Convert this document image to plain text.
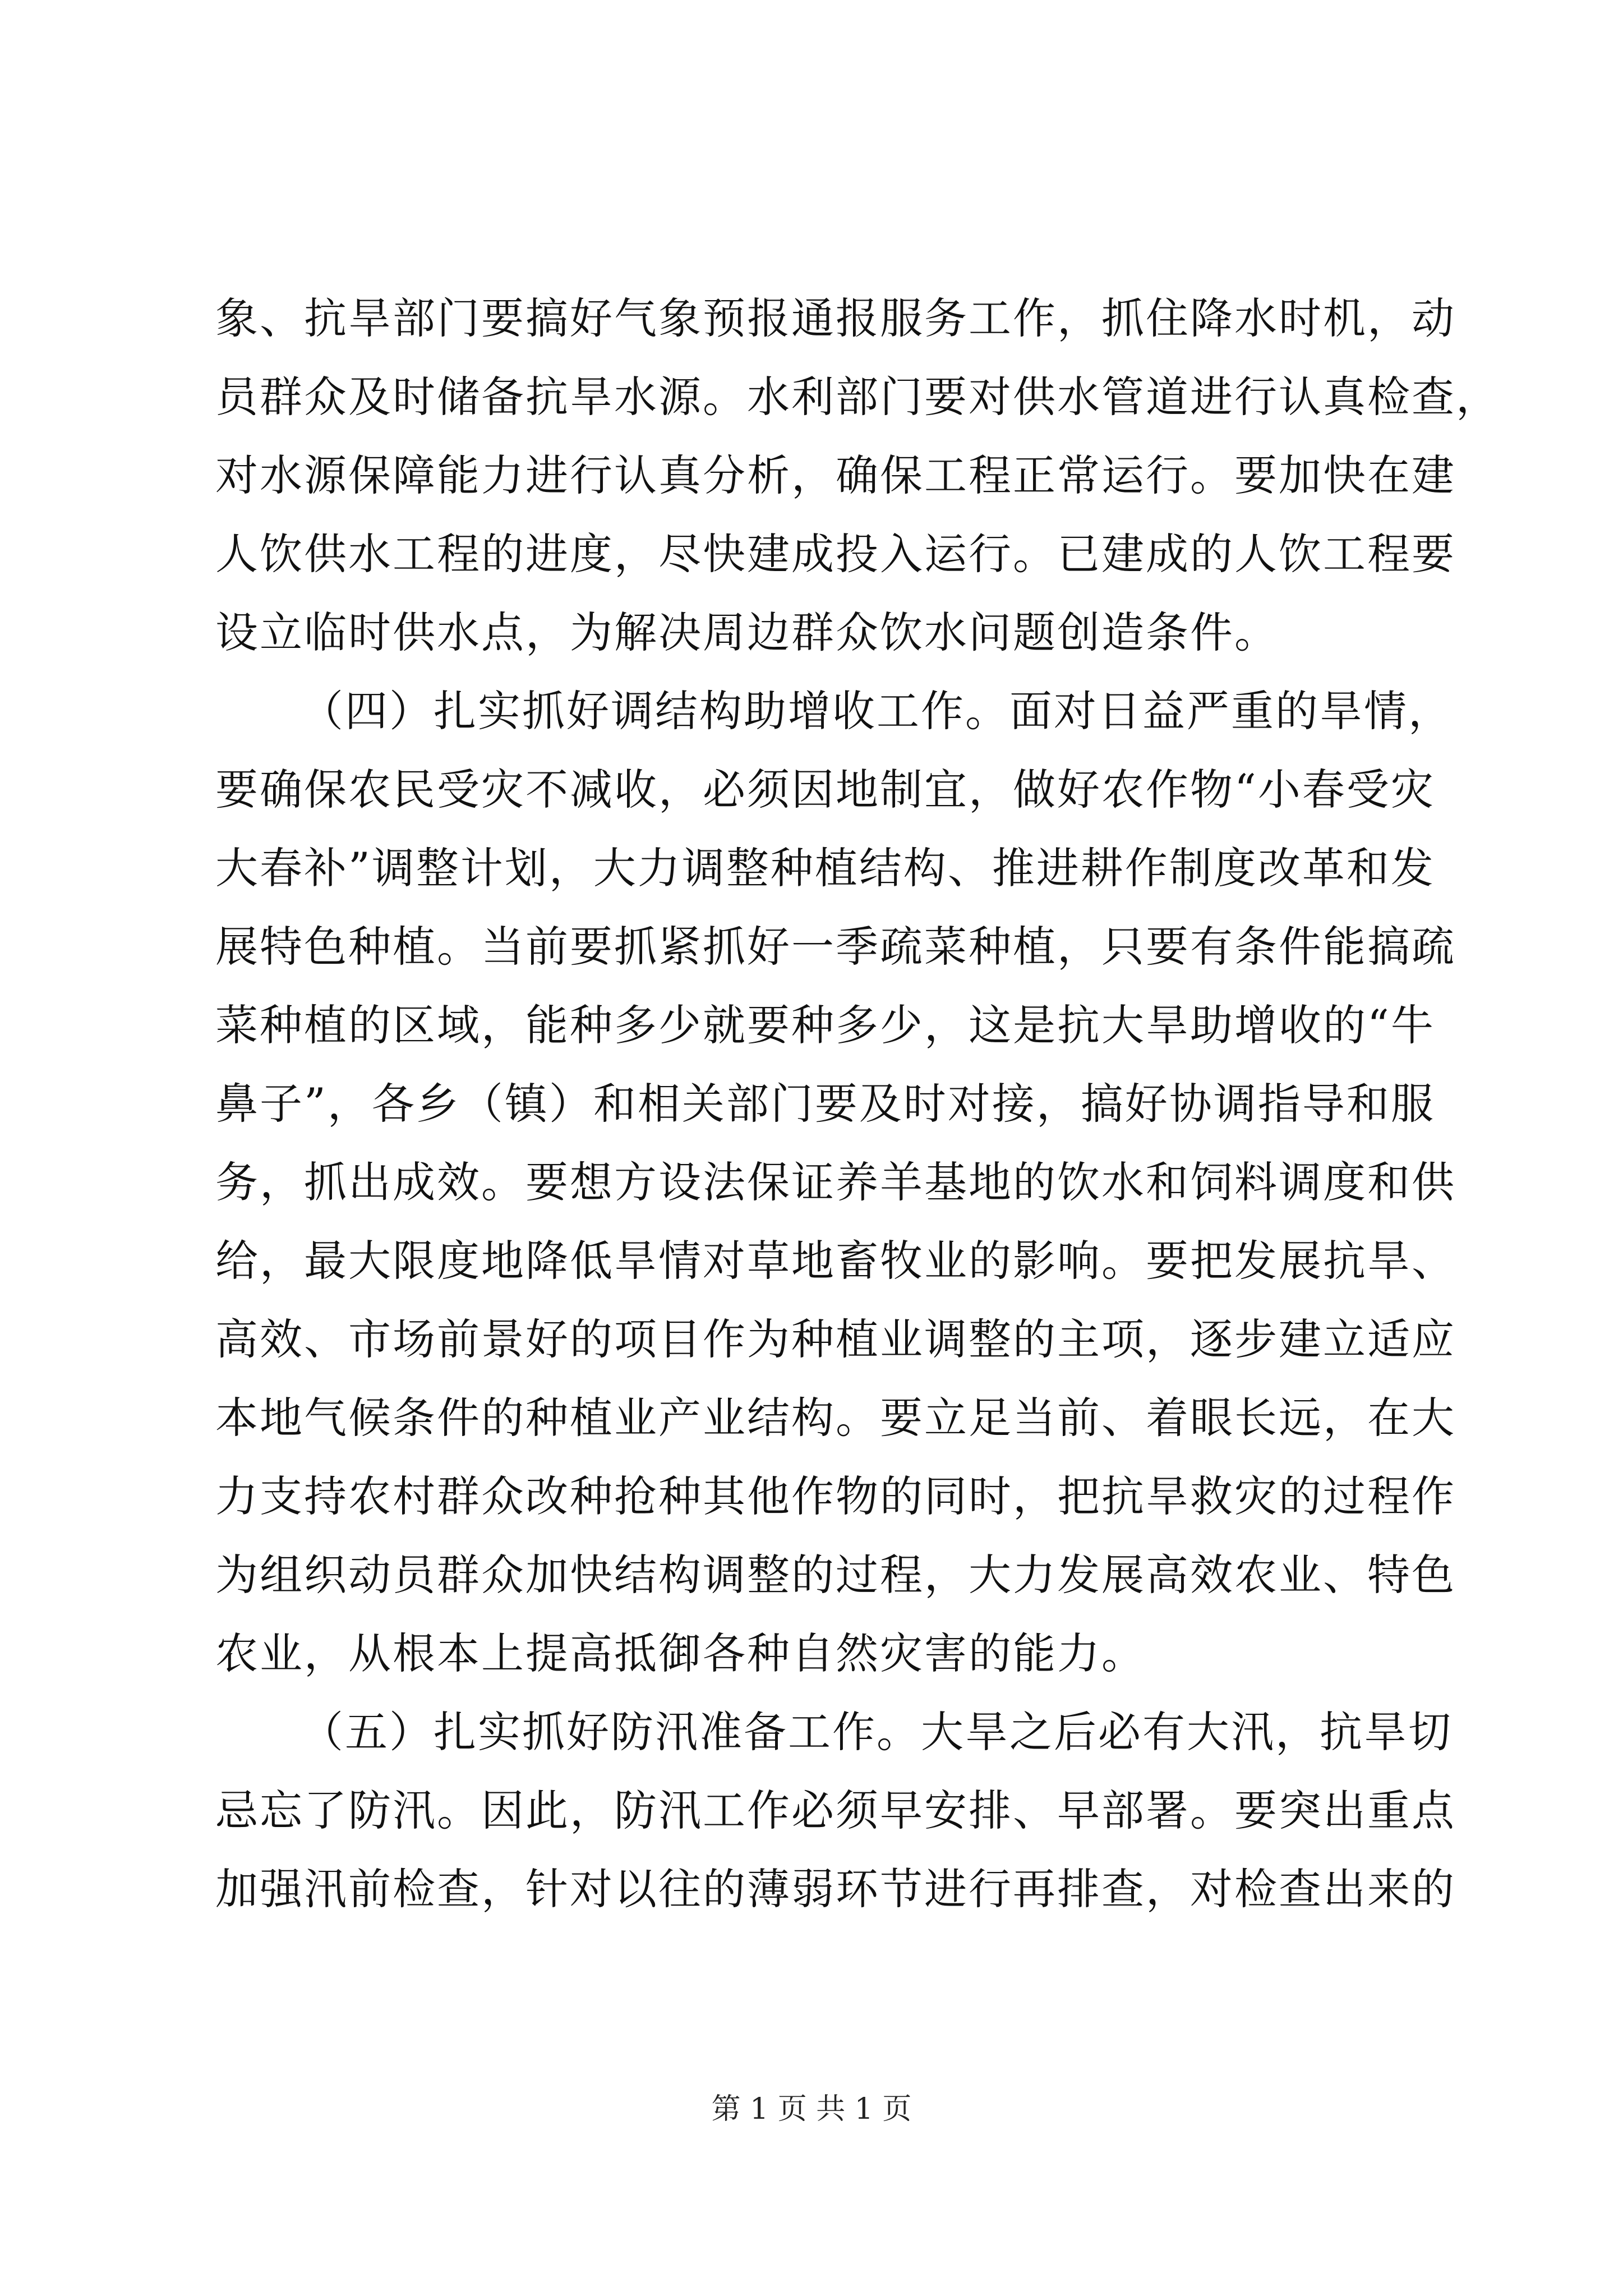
象、抗旱部门要搞好气象预报通报服务工作，抓住降水时机，动
员群众及时储备抗旱水源。水利部门要对供水管道进行认真检查，
对水源保障能力进行认真分析，确保工程正常运行。要加快在建
人饮供水工程的进度，尽快建成投入运行。已建成的人饮工程要
设立临时供水点，为解决周边群众饮水问题创造条件。
（四）扎实抓好调结构助增收工作。面对日益严重的旱情，
要确保农民受灾不减收，必须因地制宜，做好农作物“小春受灾
大春补”调整计划，大力调整种植结构、推进耕作制度改革和发
展特色种植。当前要抓紧抓好一季疏菜种植，只要有条件能搞疏
菜种植的区域，能种多少就要种多少，这是抗大旱助增收的“牛
鼻子”，各乡（镇）和相关部门要及时对接，搞好协调指导和服
务，抓出成效。要想方设法保证养羊基地的饮水和饲料调度和供
给，最大限度地降低旱情对草地畜牧业的影响。要把发展抗旱、
高效、市场前景好的项目作为种植业调整的主项，逐步建立适应
本地气候条件的种植业产业结构。要立足当前、着眼长远，在大
力支持农村群众改种抢种其他作物的同时，把抗旱救灾的过程作
为组织动员群众加快结构调整的过程，大力发展高效农业、特色
农业，从根本上提高抵御各种自然灾害的能力。
（五）扎实抓好防汛准备工作。大旱之后必有大汛，抗旱切
忌忘了防汛。因此，防汛工作必须早安排、早部署。要突出重点
加强汛前检查，针对以往的薄弱环节进行再排查，对检查出来的
第 1 页 共 1 页
